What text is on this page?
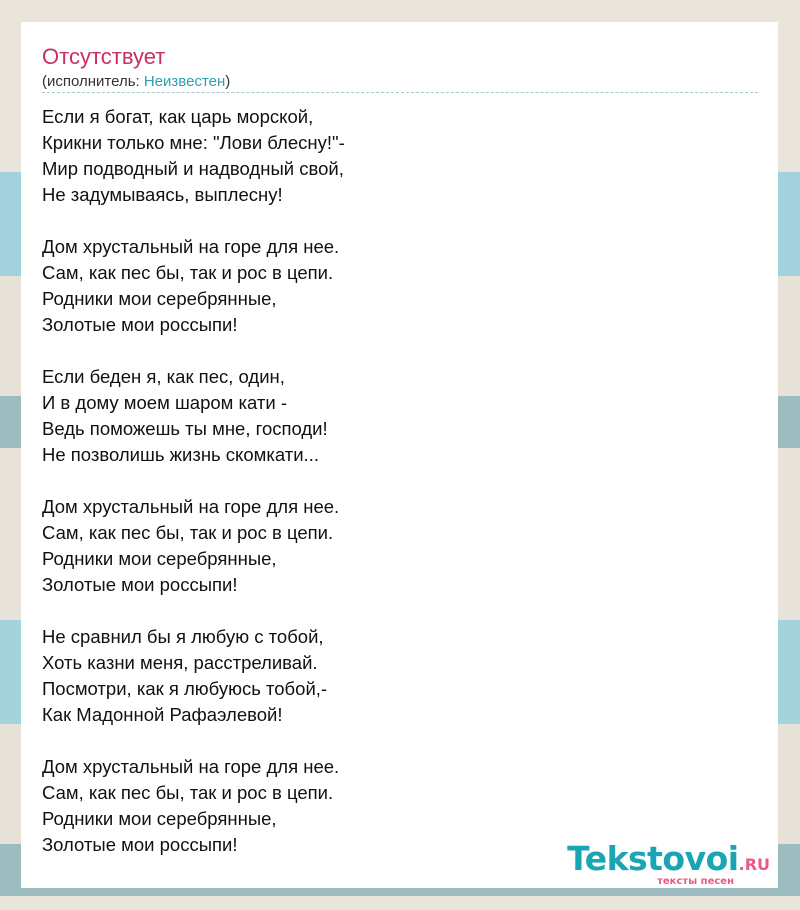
Отсутствует
(исполнитель: Неизвестен)
Если я богат, как царь морской,
Крикни только мне: "Лови блесну!"-
Мир подводный и надводный свой,
Не задумываясь, выплесну!
Дом хрустальный на горе для нее.
Сам, как пес бы, так и рос в цепи.
Родники мои серебрянные,
Золотые мои россыпи!
Если беден я, как пес, один,
И в дому моем шаром кати -
Ведь поможешь ты мне, господи!
Не позволишь жизнь скомкати...
Дом хрустальный на горе для нее.
Сам, как пес бы, так и рос в цепи.
Родники мои серебрянные,
Золотые мои россыпи!
Не сравнил бы я любую с тобой,
Хоть казни меня, расстреливай.
Посмотри, как я любуюсь тобой,-
Как Мадонной Рафаэлевой!
Дом хрустальный на горе для нее.
Сам, как пес бы, так и рос в цепи.
Родники мои серебрянные,
Золотые мои россыпи!	Tekstovoi.RU
тексты песен
